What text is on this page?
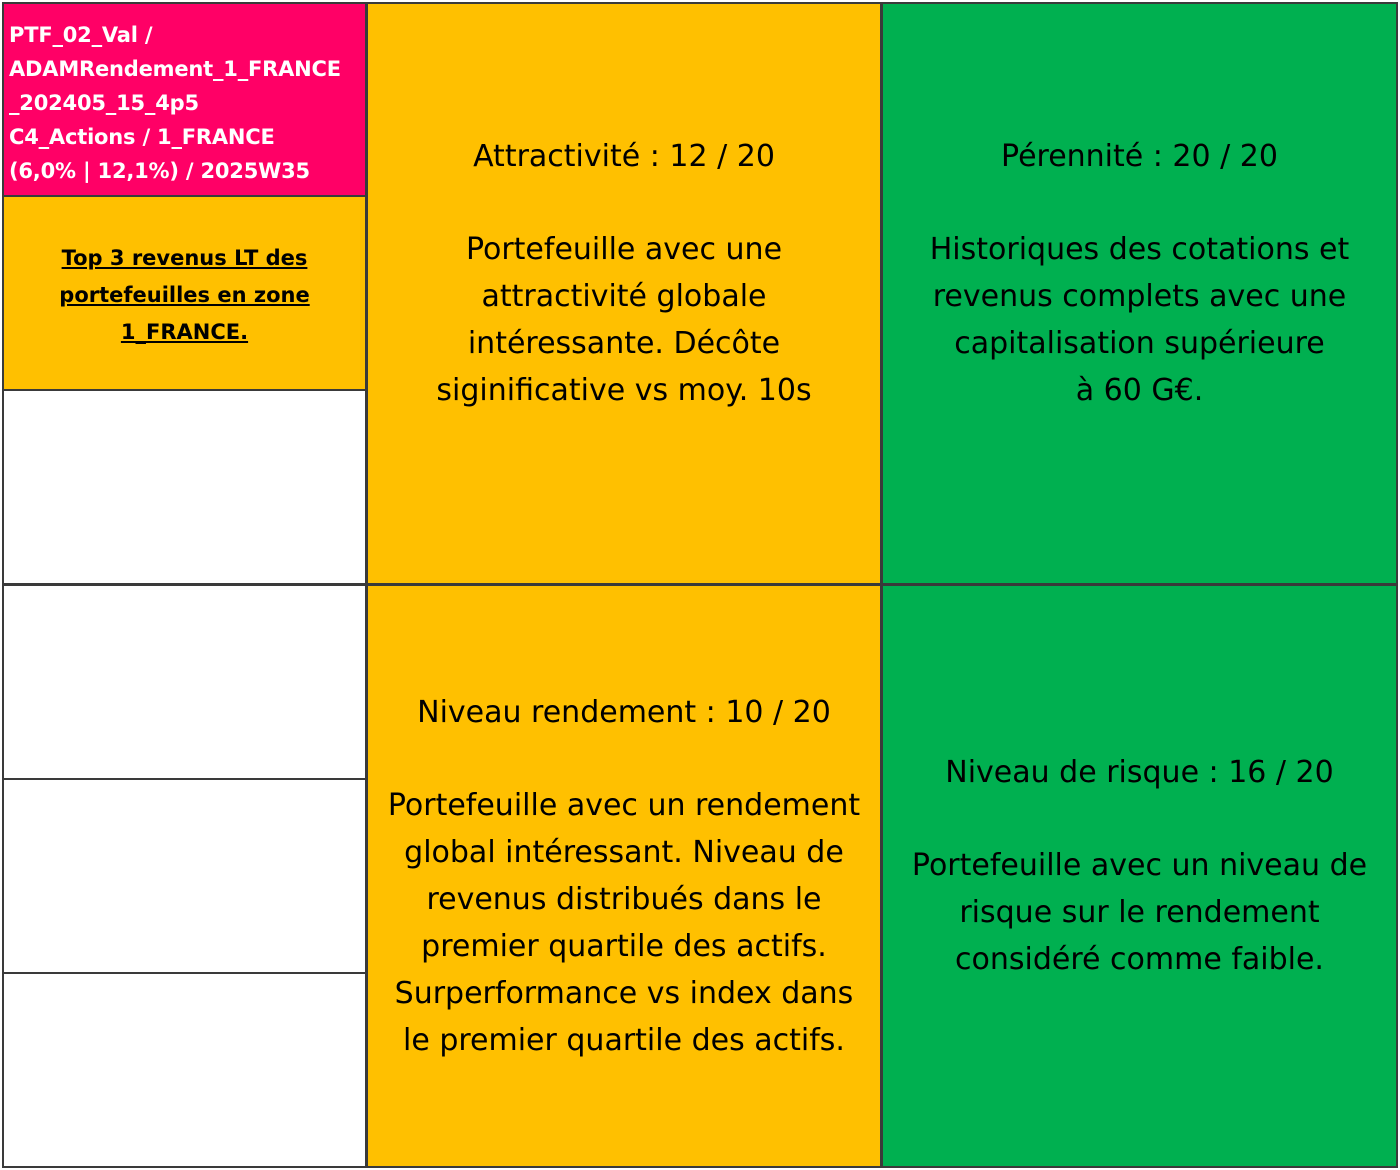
PTF_02_Val /
ADAMRendement_1_FRANCE
_202405_15_4p5
C4_Actions / 1_FRANCE
(6,0% | 12,1%) / 2025W35
Top 3 revenus LT des
portefeuilles en zone
1_FRANCE.
Attractivité : 12 / 20
Portefeuille avec une
attractivité globale
intéressante. Décôte
siginificative vs moy. 10s
Pérennité : 20 / 20
Historiques des cotations et
revenus complets avec une
capitalisation supérieure
à 60 G€.
Niveau rendement : 10 / 20
Portefeuille avec un rendement
global intéressant. Niveau de
revenus distribués dans le
premier quartile des actifs.
Surperformance vs index dans
le premier quartile des actifs.
Niveau de risque : 16 / 20
Portefeuille avec un niveau de
risque sur le rendement
considéré comme faible.
